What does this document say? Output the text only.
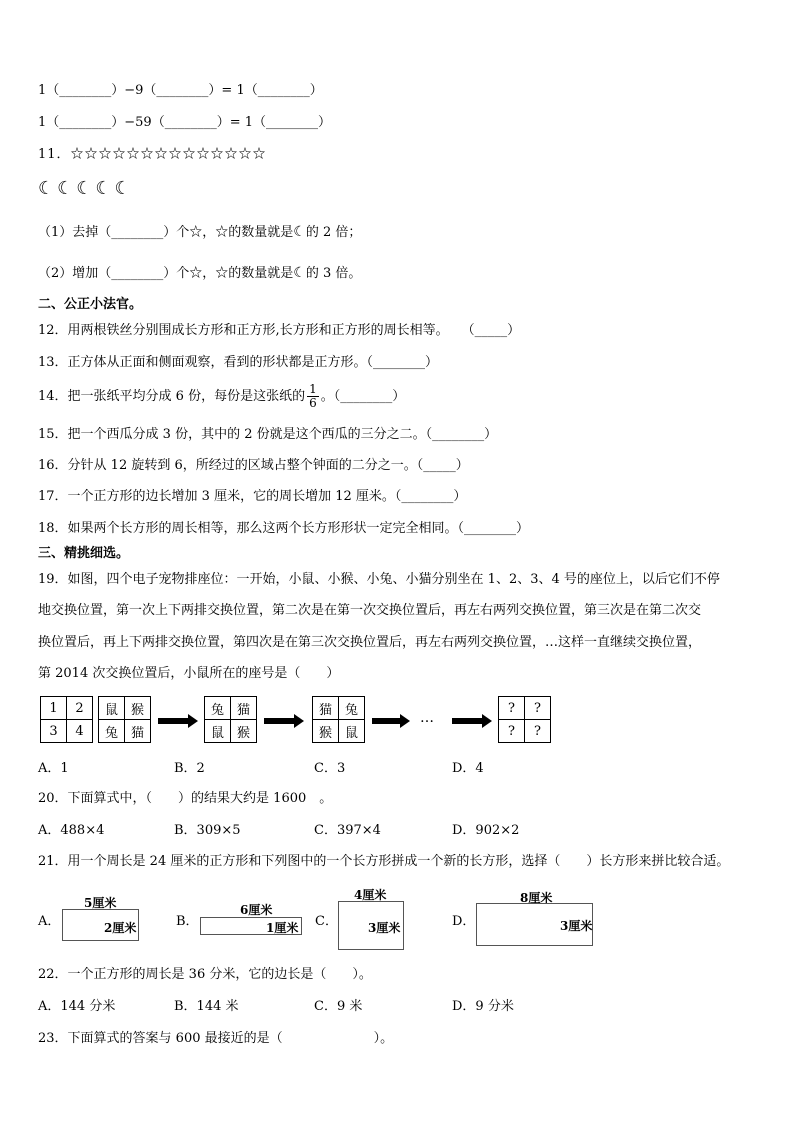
1（________）−9（________）= 1（________）
1（________）−59（________）= 1（________）
11．☆☆☆☆☆☆☆☆☆☆☆☆☆☆
☾☾☾☾☾
（1）去掉（________）个☆，☆的数量就是☾的 2 倍；
（2）增加（________）个☆，☆的数量就是☾的 3 倍。
二、公正小法官。
12．用两根铁丝分别围成长方形和正方形,长方形和正方形的周长相等。　　（_____）
13．正方体从正面和侧面观察，看到的形状都是正方形。（________）
14．把一张纸平均分成 6 份，每份是这张纸的 $\frac{1}{6}$ 。（________）
15．把一个西瓜分成 3 份，其中的 2 份就是这个西瓜的三分之二。（________）
16．分针从 12 旋转到 6，所经过的区域占整个钟面的二分之一。（_____）
17．一个正方形的边长增加 3 厘米，它的周长增加 12 厘米。（________）
18．如果两个长方形的周长相等，那么这两个长方形形状一定完全相同。（________）
三、精挑细选。
19．如图，四个电子宠物排座位：一开始，小鼠、小猴、小兔、小猫分别坐在 1、2、3、4 号的座位上，以后它们不停
地交换位置，第一次上下两排交换位置，第二次是在第一次交换位置后，再左右两列交换位置，第三次是在第二次交
换位置后，再上下两排交换位置，第四次是在第三次交换位置后，再左右两列交换位置，…这样一直继续交换位置，
第 2014 次交换位置后，小鼠所在的座号是（　　）
1	2
3	4
鼠	猴
兔	猫
兔	猫
鼠	猴
猫	兔
猴	鼠
…
?	?
?	?
A．1	B．2	C．3	D．4
20．下面算式中，（　　）的结果大约是 1600　。
A．488×4	B．309×5	C．397×4	D．902×2
21．用一个周长是 24 厘米的正方形和下列图中的一个长方形拼成一个新的长方形，选择（　　）长方形来拼比较合适。
A．
5厘米
2厘米	B．
6厘米
1厘米 C．
4厘米
3厘米	D．
8厘米
3厘米
22．一个正方形的周长是 36 分米，它的边长是（　　）。
A．144 分米	B．144 米	C．9 米	D．9 分米
23．下面算式的答案与 600 最接近的是（　　　　　　　）。
